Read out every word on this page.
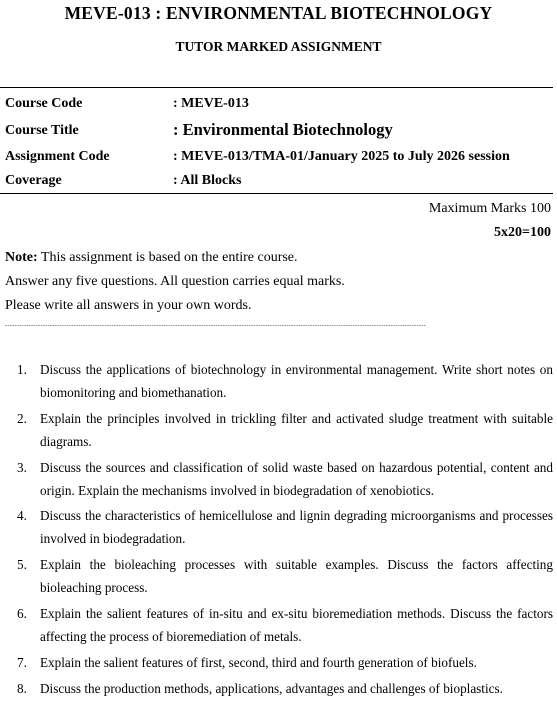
MEVE-013 : ENVIRONMENTAL BIOTECHNOLOGY
TUTOR MARKED ASSIGNMENT
Course Code	: MEVE-013
Course Title	: Environmental Biotechnology
Assignment Code	: MEVE-013/TMA-01/January 2025 to July 2026 session
Coverage	: All Blocks
Maximum Marks 100
5x20=100
Note: This assignment is based on the entire course.
Answer any five questions. All question carries equal marks.
Please write all answers in your own words.
----------------------------------------------------------------------------------------------------------------------------------------------------------------------------------
1. Discuss the applications of biotechnology in environmental management. Write short notes on biomonitoring and biomethanation.
2. Explain the principles involved in trickling filter and activated sludge treatment with suitable diagrams.
3. Discuss the sources and classification of solid waste based on hazardous potential, content and origin. Explain the mechanisms involved in biodegradation of xenobiotics.
4. Discuss the characteristics of hemicellulose and lignin degrading microorganisms and processes involved in biodegradation.
5. Explain the bioleaching processes with suitable examples. Discuss the factors affecting bioleaching process.
6. Explain the salient features of in-situ and ex-situ bioremediation methods. Discuss the factors affecting the process of bioremediation of metals.
7. Explain the salient features of first, second, third and fourth generation of biofuels.
8. Discuss the production methods, applications, advantages and challenges of bioplastics.
